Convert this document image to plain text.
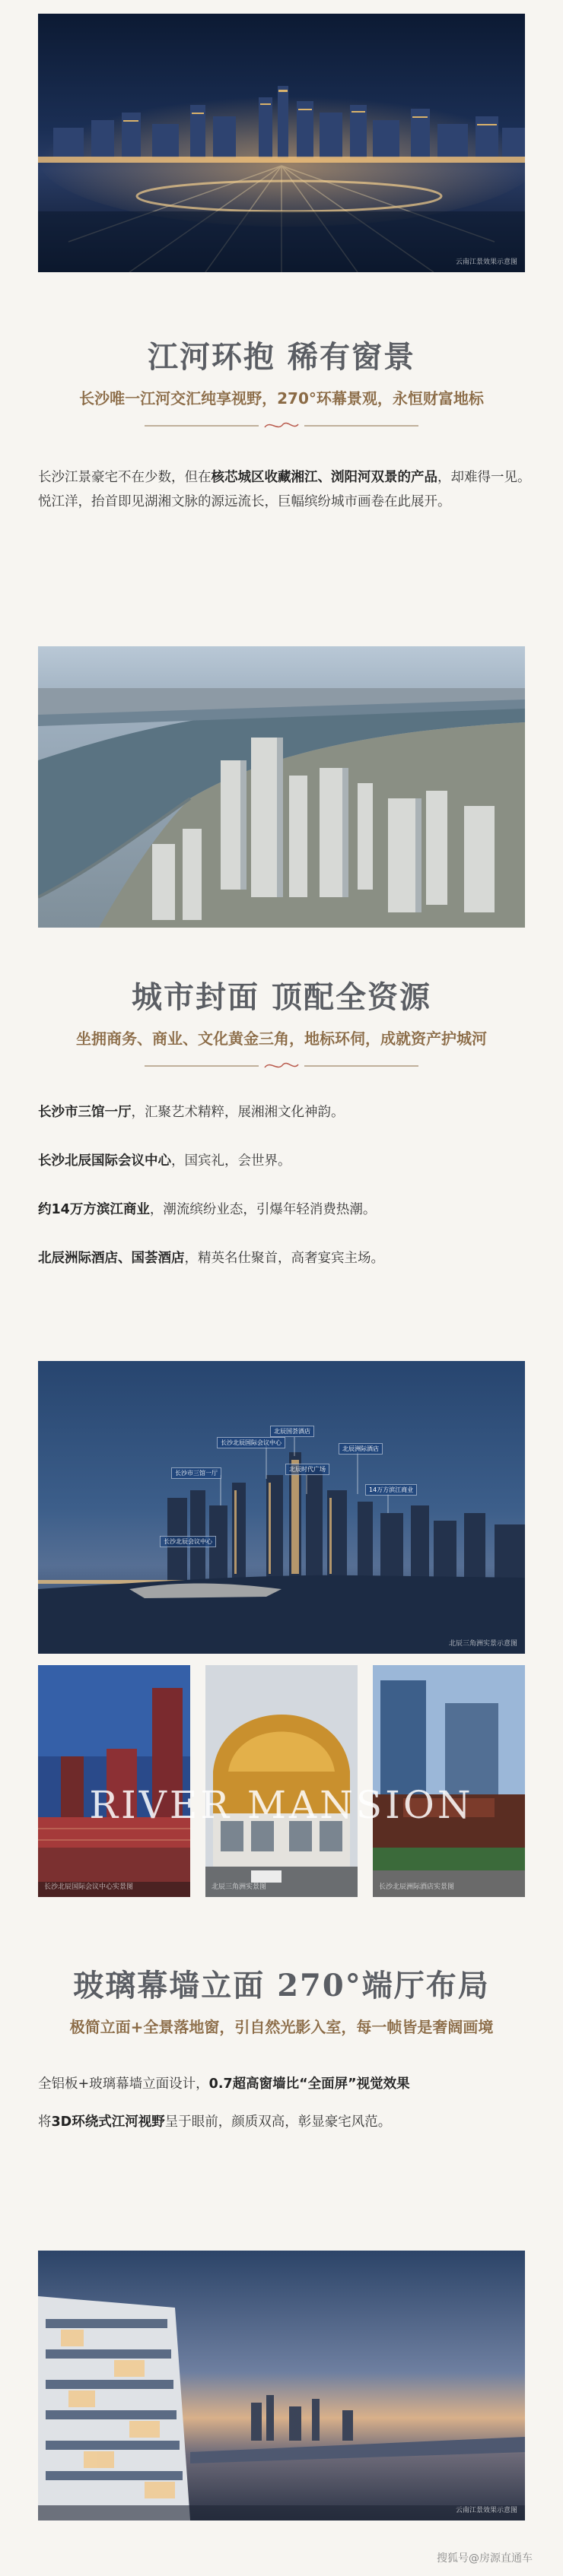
云南江景效果示意图
江河环抱 稀有窗景
长沙唯一江河交汇纯享视野，270°环幕景观，永恒财富地标
长沙江景豪宅不在少数，但在核芯城区收藏湘江、浏阳河双景的产品，却难得一见。悦江洋，抬首即见湖湘文脉的源远流长，巨幅缤纷城市画卷在此展开。
城市封面 顶配全资源
坐拥商务、商业、文化黄金三角，地标环伺，成就资产护城河
长沙市三馆一厅，汇聚艺术精粹，展湘湘文化神韵。
长沙北辰国际会议中心，国宾礼，会世界。
约14万方滨江商业，潮流缤纷业态，引爆年轻消费热潮。
北辰洲际酒店、国荟酒店，精英名仕聚首，高奢宴宾主场。
北辰国荟酒店
长沙北辰国际会议中心
长沙市三馆一厅
北辰时代广场
北辰洲际酒店
14万方滨江商业
长沙北辰会议中心
北辰三角洲实景示意图
长沙北辰国际会议中心实景图	北辰三角洲实景图	长沙北辰洲际酒店实景图
RIVER MANSION
玻璃幕墙立面 270°端厅布局
极简立面+全景落地窗，引自然光影入室，每一帧皆是奢阔画境
全铝板+玻璃幕墙立面设计，0.7超高窗墙比“全面屏”视觉效果
将3D环绕式江河视野呈于眼前，颜质双高，彰显豪宅风范。
云南江景效果示意图
搜狐号@房源直通车
